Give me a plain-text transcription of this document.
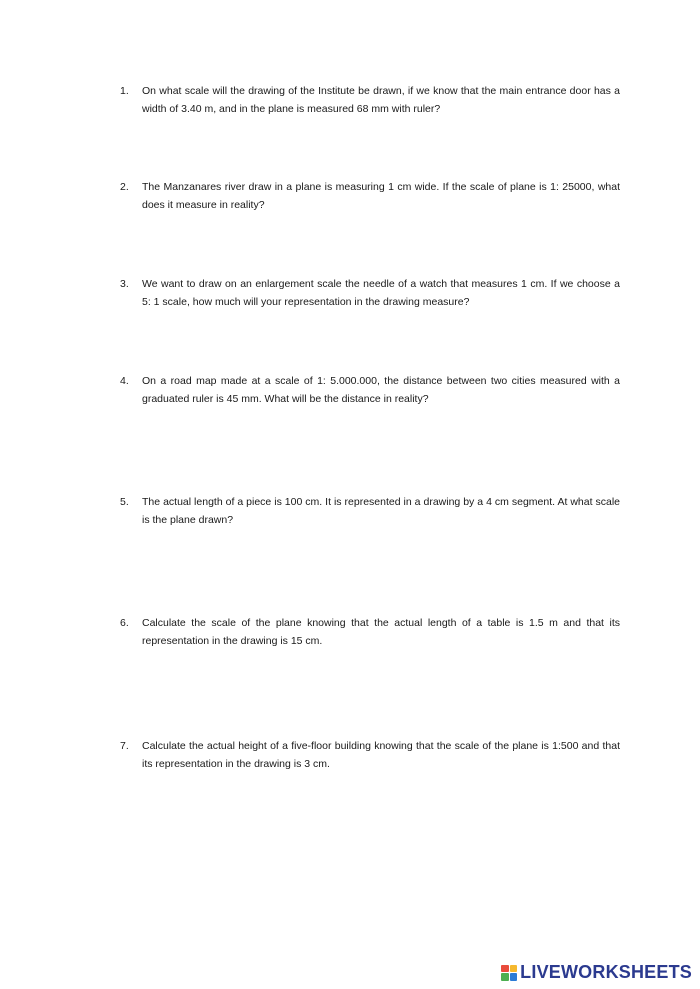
1.	On what scale will the drawing of the Institute be drawn, if we know that the main entrance door has a width of 3.40 m, and in the plane is measured 68 mm with ruler?
2.	The Manzanares river draw in a plane is measuring 1 cm wide. If the scale of plane is 1: 25000, what does it measure in reality?
3.	We want to draw on an enlargement scale the needle of a watch that measures 1 cm. If we choose a 5: 1 scale, how much will your representation in the drawing measure?
4.	On a road map made at a scale of 1: 5.000.000, the distance between two cities measured with a graduated ruler is 45 mm. What will be the distance in reality?
5.	The actual length of a piece is 100 cm. It is represented in a drawing by a 4 cm segment. At what scale is the plane drawn?
6.	Calculate the scale of the plane knowing that the actual length of a table is 1.5 m and that its representation in the drawing is 15 cm.
7.	Calculate the actual height of a five-floor building knowing that the scale of the plane is 1:500 and that its representation in the drawing is 3 cm.
LIVEWORKSHEETS
